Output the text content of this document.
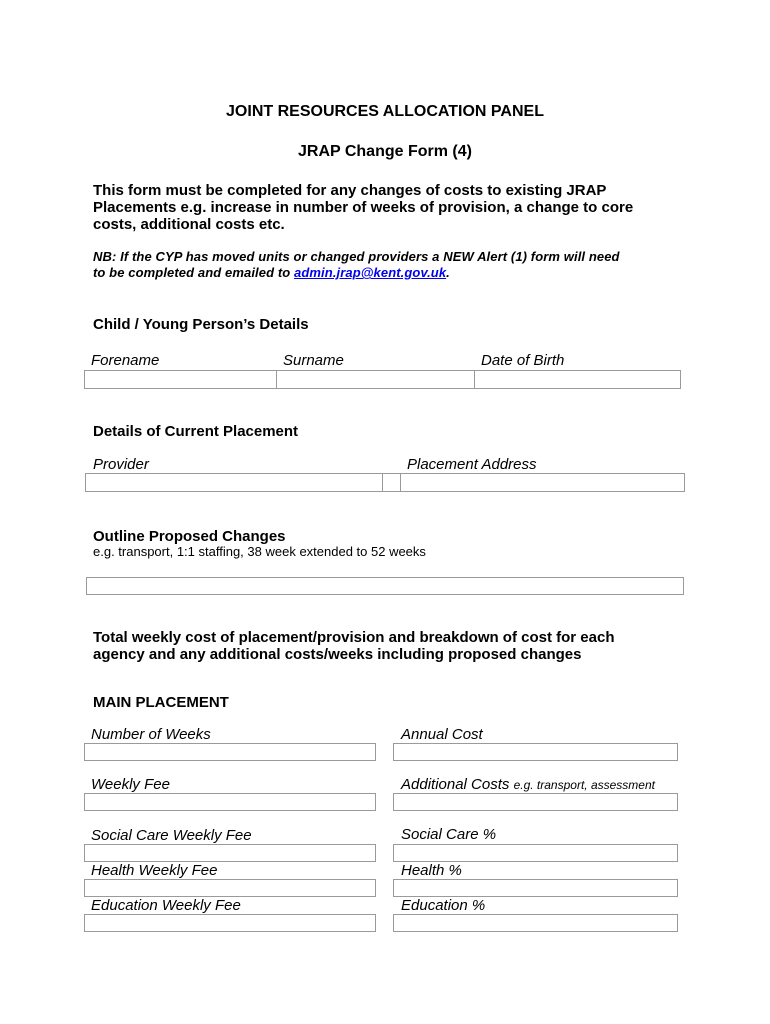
JOINT RESOURCES ALLOCATION PANEL
JRAP Change Form (4)
This form must be completed for any changes of costs to existing JRAP
Placements e.g. increase in number of weeks of provision, a change to core
costs, additional costs etc.
NB: If the CYP has moved units or changed providers a NEW Alert (1) form will need
to be completed and emailed to admin.jrap@kent.gov.uk.
Child / Young Person’s Details
Forename	Surname	Date of Birth
Details of Current Placement
Provider	Placement Address
Outline Proposed Changes
e.g. transport, 1:1 staffing, 38 week extended to 52 weeks
Total weekly cost of placement/provision and breakdown of cost for each
agency and any additional costs/weeks including proposed changes
MAIN PLACEMENT
Number of Weeks	Annual Cost
Weekly Fee	Additional Costs e.g. transport, assessment
Social Care Weekly Fee	Social Care %
Health Weekly Fee	Health %
Education Weekly Fee	Education %
